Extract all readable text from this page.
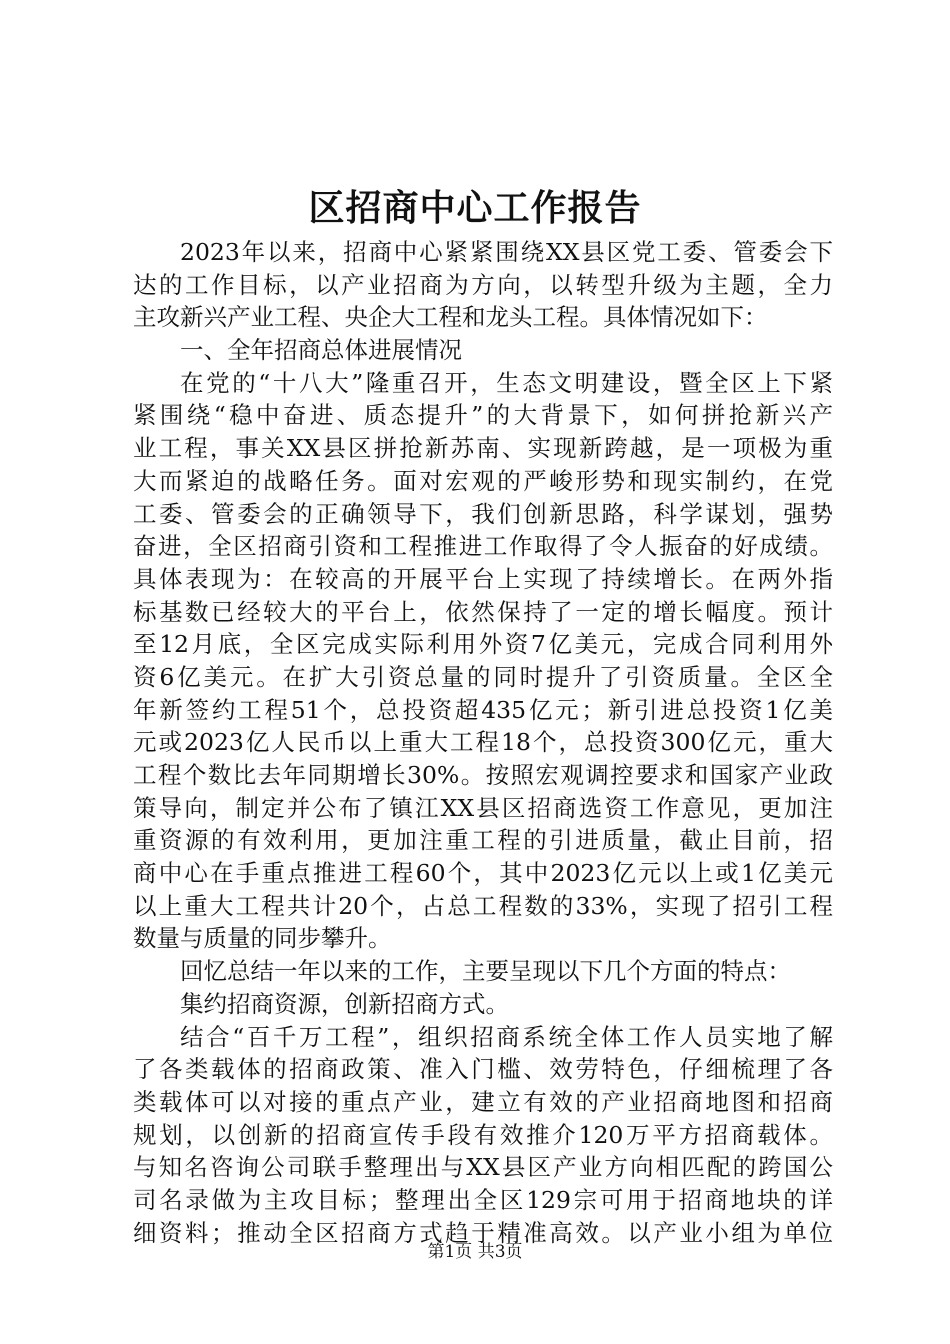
区招商中心工作报告
2023年以来，招商中心紧紧围绕XX县区党工委、管委会下
达的工作目标，以产业招商为方向，以转型升级为主题，全力
主攻新兴产业工程、央企大工程和龙头工程。具体情况如下：
一、全年招商总体进展情况
在党的“十八大”隆重召开，生态文明建设，暨全区上下紧
紧围绕“稳中奋进、质态提升”的大背景下，如何拼抢新兴产
业工程，事关XX县区拼抢新苏南、实现新跨越，是一项极为重
大而紧迫的战略任务。面对宏观的严峻形势和现实制约，在党
工委、管委会的正确领导下，我们创新思路，科学谋划，强势
奋进，全区招商引资和工程推进工作取得了令人振奋的好成绩。
具体表现为：在较高的开展平台上实现了持续增长。在两外指
标基数已经较大的平台上，依然保持了一定的增长幅度。预计
至12月底，全区完成实际利用外资7亿美元，完成合同利用外
资6亿美元。在扩大引资总量的同时提升了引资质量。全区全
年新签约工程51个，总投资超435亿元；新引进总投资1亿美
元或2023亿人民币以上重大工程18个，总投资300亿元，重大
工程个数比去年同期增长30%。按照宏观调控要求和国家产业政
策导向，制定并公布了镇江XX县区招商选资工作意见，更加注
重资源的有效利用，更加注重工程的引进质量，截止目前，招
商中心在手重点推进工程60个，其中2023亿元以上或1亿美元
以上重大工程共计20个，占总工程数的33%，实现了招引工程
数量与质量的同步攀升。
回忆总结一年以来的工作，主要呈现以下几个方面的特点：
集约招商资源，创新招商方式。
结合“百千万工程”，组织招商系统全体工作人员实地了解
了各类载体的招商政策、准入门槛、效劳特色，仔细梳理了各
类载体可以对接的重点产业，建立有效的产业招商地图和招商
规划，以创新的招商宣传手段有效推介120万平方招商载体。
与知名咨询公司联手整理出与XX县区产业方向相匹配的跨国公
司名录做为主攻目标；整理出全区129宗可用于招商地块的详
细资料；推动全区招商方式趋于精准高效。以产业小组为单位
第1页 共3页
